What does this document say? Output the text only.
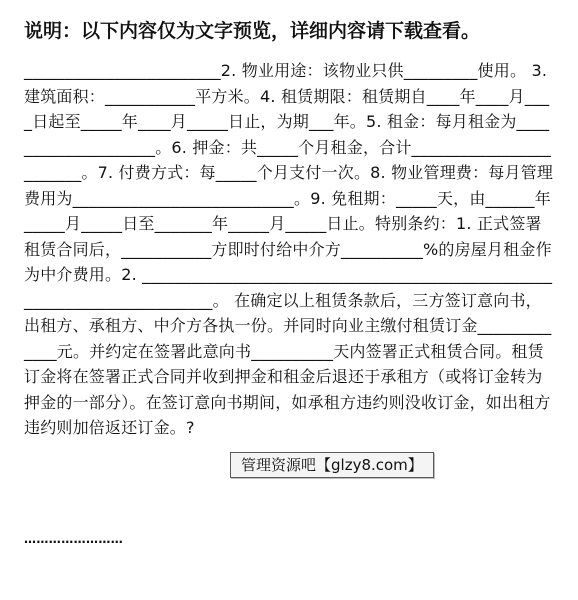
说明：以下内容仅为文字预览，详细内容请下载查看。
________________________2. 物业用途：该物业只供_________使用。 3. 建筑面积：___________平方米。4. 租赁期限：租赁期自____年____月____日起至_____年____月_____日止，为期___年。5. 租金：每月租金为____________________。6. 押金：共_____个月租金，合计________________________。7. 付费方式：每_____个月支付一次。8. 物业管理费：每月管理费用为___________________________。9. 免租期：_____天，由______年_____月_____日至_______年_____月_____日止。特别条约：1. 正式签署租赁合同后，___________方即时付给中介方__________%的房屋月租金作为中介费用。2. _________________________________________________________________________。 在确定以上租赁条款后，三方签订意向书，出租方、承租方、中介方各执一份。并同时向业主缴付租赁订金_____________元。并约定在签署此意向书__________天内签署正式租赁合同。租赁订金将在签署正式合同并收到押金和租金后退还于承租方（或将订金转为押金的一部分）。在签订意向书期间，如承租方违约则没收订金，如出租方违约则加倍返还订金。?
管理资源吧【glzy8.com】
……………………
